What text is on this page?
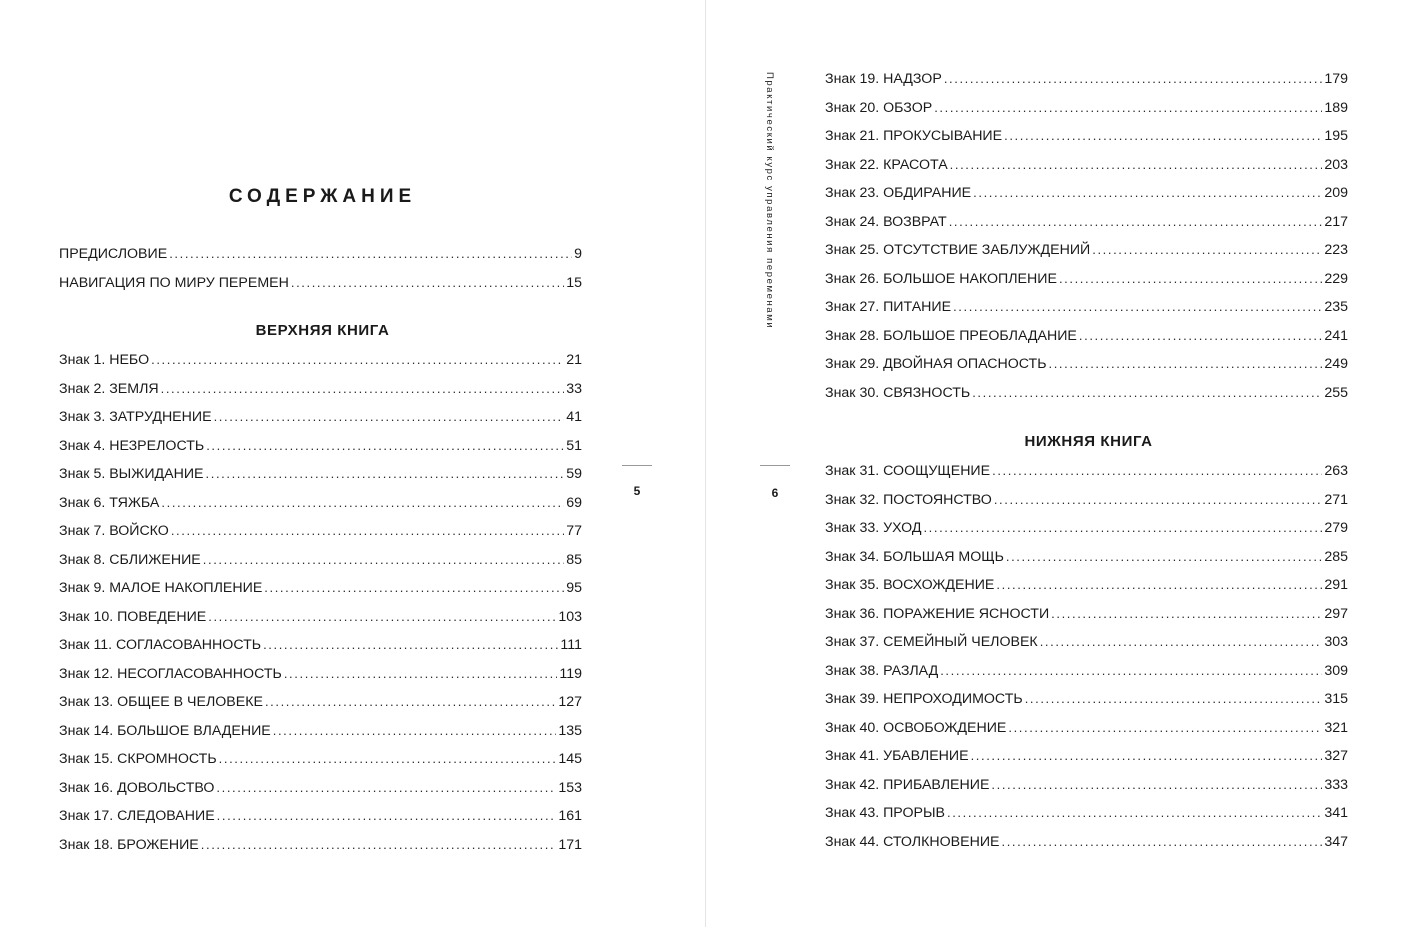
СОДЕРЖАНИЕ
ПРЕДИСЛОВИЕ .....	9
НАВИГАЦИЯ ПО МИРУ ПЕРЕМЕН .....	15
ВЕРХНЯЯ КНИГА
Знак 1. НЕБО .....	21
Знак 2. ЗЕМЛЯ .....	33
Знак 3. ЗАТРУДНЕНИЕ .....	41
Знак 4. НЕЗРЕЛОСТЬ .....	51
Знак 5. ВЫЖИДАНИЕ .....	59
Знак 6. ТЯЖБА .....	69
Знак 7. ВОЙСКО .....	77
Знак 8. СБЛИЖЕНИЕ .....	85
Знак 9. МАЛОЕ НАКОПЛЕНИЕ .....	95
Знак 10. ПОВЕДЕНИЕ .....	103
Знак 11. СОГЛАСОВАННОСТЬ .....	111
Знак 12. НЕСОГЛАСОВАННОСТЬ .....	119
Знак 13. ОБЩЕЕ В ЧЕЛОВЕКЕ .....	127
Знак 14. БОЛЬШОЕ ВЛАДЕНИЕ .....	135
Знак 15. СКРОМНОСТЬ .....	145
Знак 16. ДОВОЛЬСТВО .....	153
Знак 17. СЛЕДОВАНИЕ .....	161
Знак 18. БРОЖЕНИЕ .....	171
5
Практический курс управления переменами
6
Знак 19. НАДЗОР .....	179
Знак 20. ОБЗОР .....	189
Знак 21. ПРОКУСЫВАНИЕ .....	195
Знак 22. КРАСОТА .....	203
Знак 23. ОБДИРАНИЕ .....	209
Знак 24. ВОЗВРАТ .....	217
Знак 25. ОТСУТСТВИЕ ЗАБЛУЖДЕНИЙ .....	223
Знак 26. БОЛЬШОЕ НАКОПЛЕНИЕ .....	229
Знак 27. ПИТАНИЕ .....	235
Знак 28. БОЛЬШОЕ ПРЕОБЛАДАНИЕ .....	241
Знак 29. ДВОЙНАЯ ОПАСНОСТЬ .....	249
Знак 30. СВЯЗНОСТЬ .....	255
НИЖНЯЯ КНИГА
Знак 31. СООЩУЩЕНИЕ .....	263
Знак 32. ПОСТОЯНСТВО .....	271
Знак 33. УХОД .....	279
Знак 34. БОЛЬШАЯ МОЩЬ .....	285
Знак 35. ВОСХОЖДЕНИЕ .....	291
Знак 36. ПОРАЖЕНИЕ ЯСНОСТИ .....	297
Знак 37. СЕМЕЙНЫЙ ЧЕЛОВЕК .....	303
Знак 38. РАЗЛАД .....	309
Знак 39. НЕПРОХОДИМОСТЬ .....	315
Знак 40. ОСВОБОЖДЕНИЕ .....	321
Знак 41. УБАВЛЕНИЕ .....	327
Знак 42. ПРИБАВЛЕНИЕ .....	333
Знак 43. ПРОРЫВ .....	341
Знак 44. СТОЛКНОВЕНИЕ .....	347
